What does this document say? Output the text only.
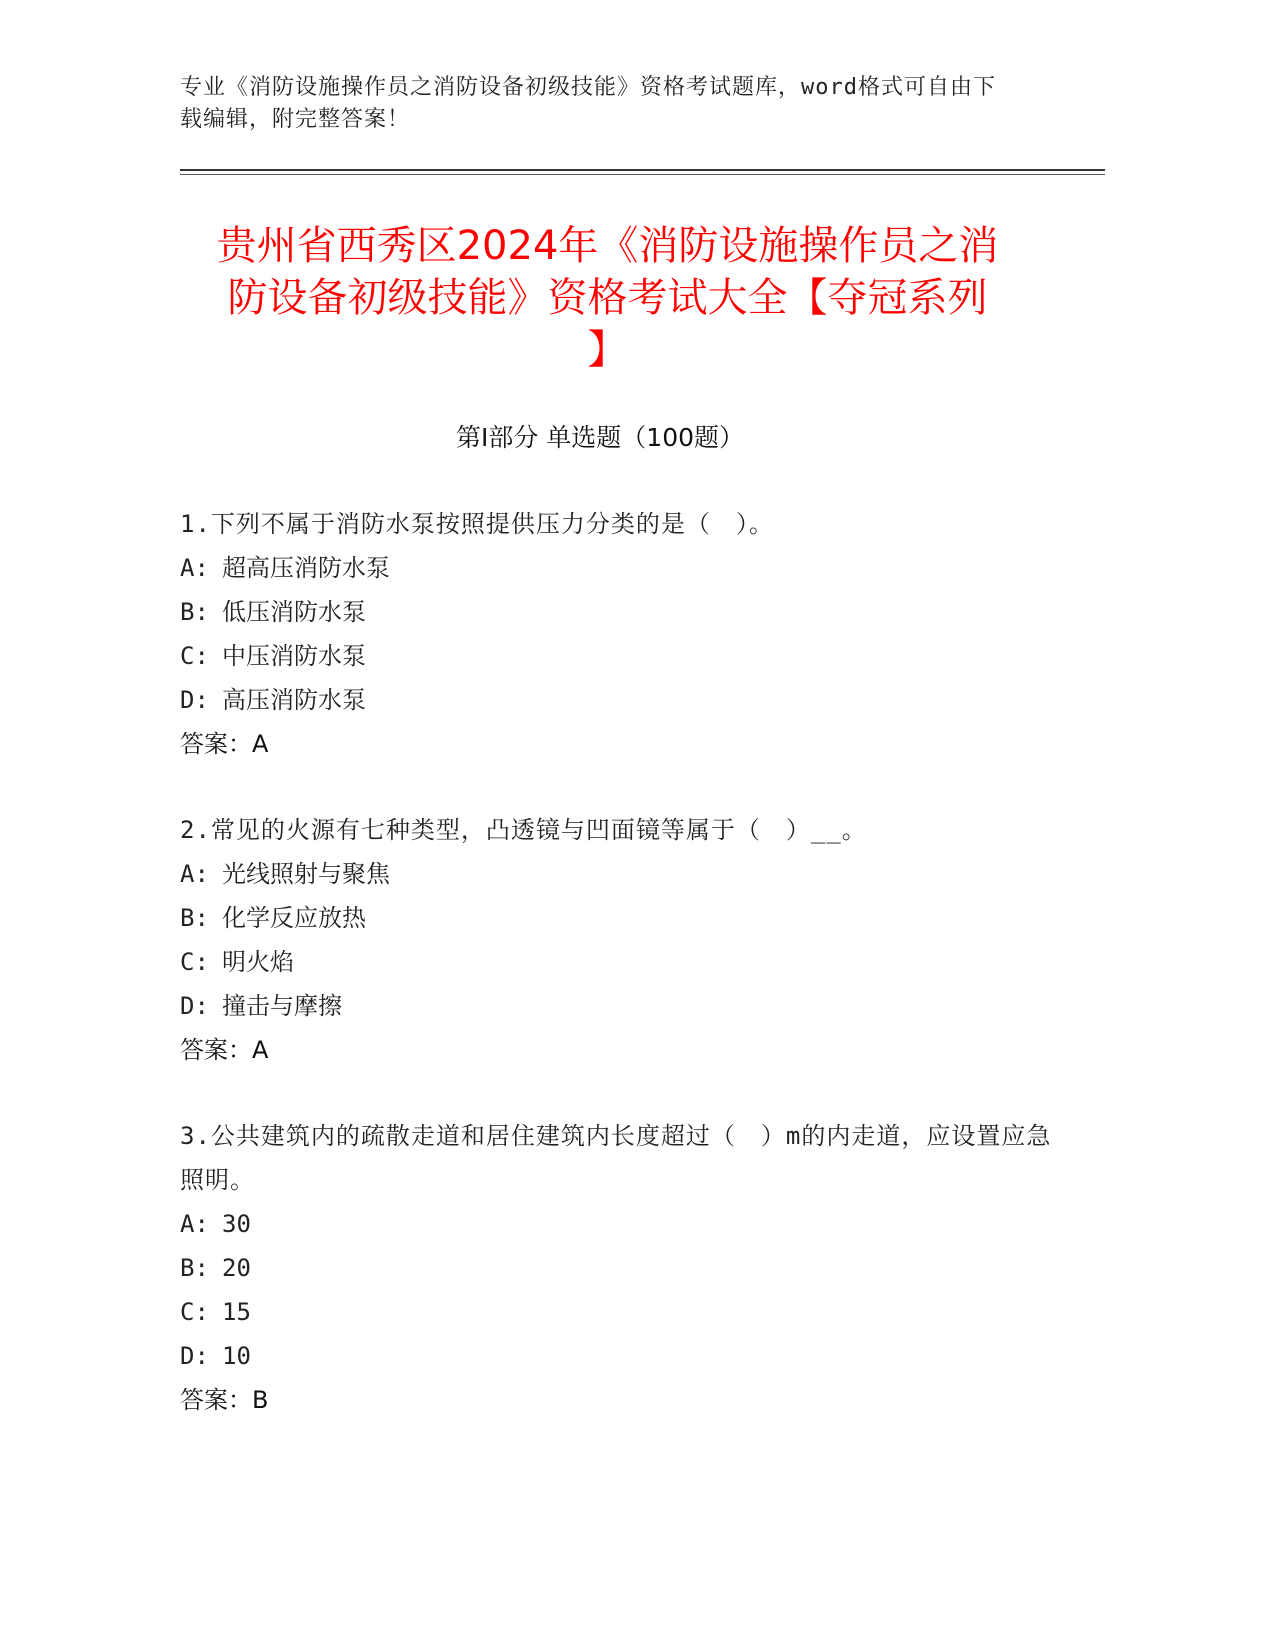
专业《消防设施操作员之消防设备初级技能》资格考试题库，word格式可自由下
载编辑，附完整答案！
贵州省西秀区2024年《消防设施操作员之消
防设备初级技能》资格考试大全【夺冠系列
】
第Ⅰ部分 单选题（100题）
1.下列不属于消防水泵按照提供压力分类的是（　）。
A: 超高压消防水泵
B: 低压消防水泵
C: 中压消防水泵
D: 高压消防水泵
答案：A
2.常见的火源有七种类型，凸透镜与凹面镜等属于（　）__。
A: 光线照射与聚焦
B: 化学反应放热
C: 明火焰
D: 撞击与摩擦
答案：A
3.公共建筑内的疏散走道和居住建筑内长度超过（　）m的内走道，应设置应急照明。
A: 30
B: 20
C: 15
D: 10
答案：B
